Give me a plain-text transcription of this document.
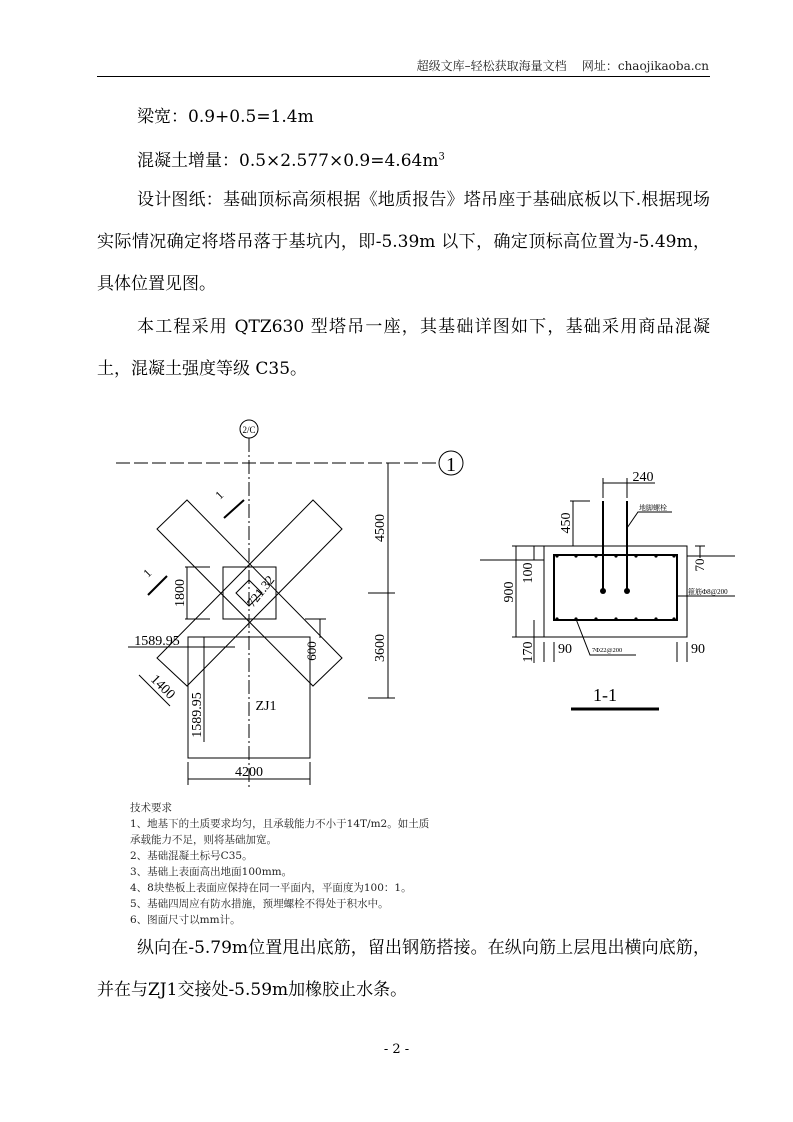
超级文库–轻松获取海量文档    网址：chaojikaoba.cn
梁宽：0.9+0.5=1.4m
混凝土增量：$0.5\times 2.577\times 0.9=4.64m^3$
设计图纸：基础顶标高须根据《地质报告》塔吊座于基础底板以下.根据现场实际情况确定将塔吊落于基坑内，即-5.39m 以下，确定顶标高位置为-5.49m，具体位置见图。
本工程采用 QTZ630 型塔吊一座，其基础详图如下，基础采用商品混凝土，混凝土强度等级 C35。
2/C
1
4500
3600
ZJ1
4200
1800
1
1
1589.95
1400
1589.95
600
721.32
240
450
900
100
170
70
90	90
地脚螺栓
箍筋Φ8@200
7Φ22@200
1-1
技术要求
1、地基下的土质要求均匀，且承载能力不小于14T/m2。如土质
承载能力不足，则将基础加宽。
2、基础混凝土标号C35。
3、基础上表面高出地面100mm。
4、8块垫板上表面应保持在同一平面内，平面度为100：1。
5、基础四周应有防水措施，预埋螺栓不得处于积水中。
6、图面尺寸以mm计。
纵向在-5.79m位置甩出底筋，留出钢筋搭接。在纵向筋上层甩出横向底筋，并在与ZJ1交接处-5.59m加橡胶止水条。
- 2 -
